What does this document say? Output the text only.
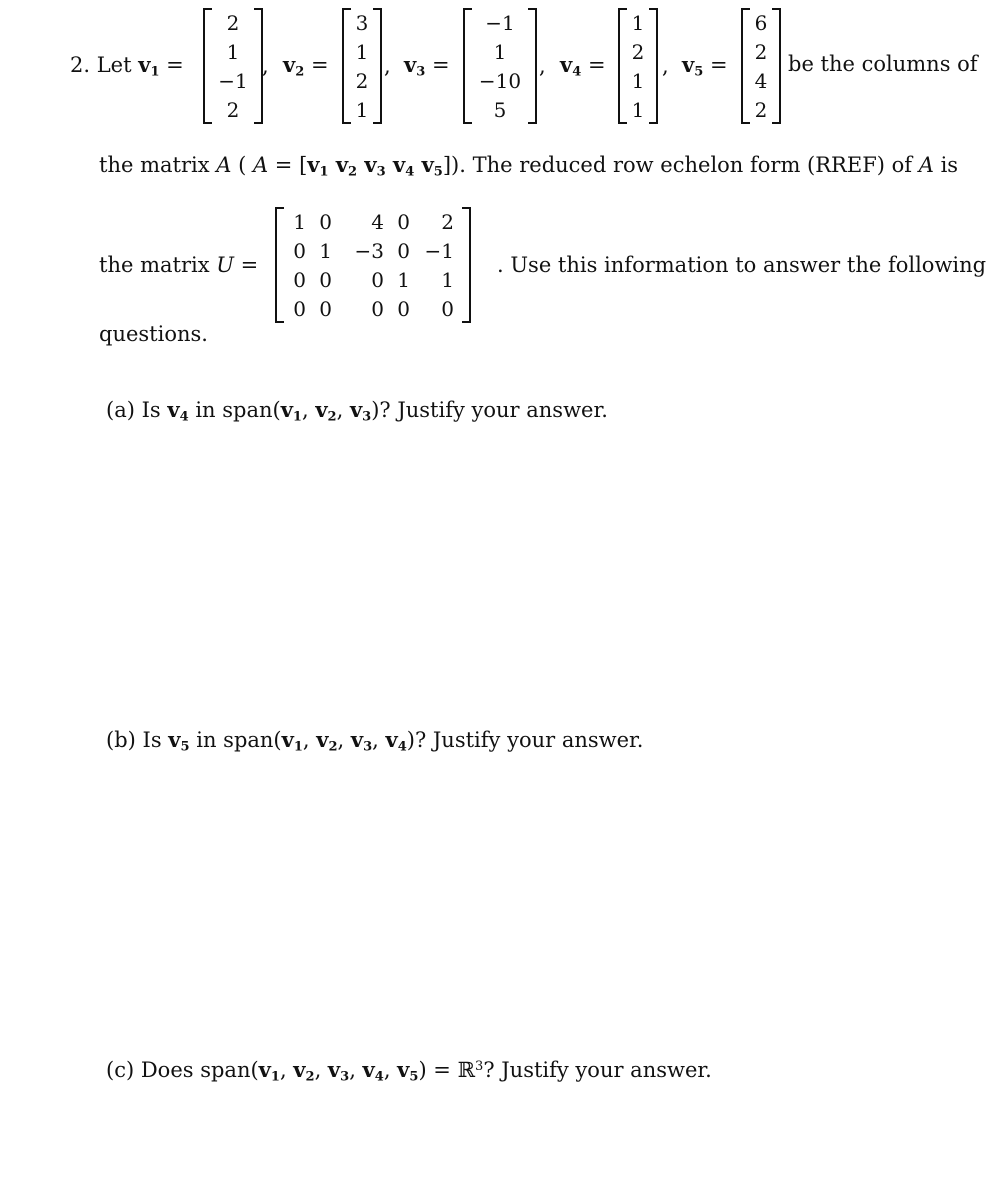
2. Let $v_1$ =
2
1
−1
2
, $v_2$ =
3
1
2
1
, $v_3$ =
−1
1
−10
5
, $v_4$ =
1
2
1
1
, $v_5$ =
6
2
4
2
be the columns of
the matrix A ( $A = [v_1$ $v_2$ $v_3$ $v_4$ $v_5$]). The reduced row echelon form (RREF) of A is
the matrix U =
1
0
0
0
0
1
0
0
4
−3
0
0
0
0
1
0
2
−1
1
0
. Use this information to answer the following
questions.
(a) Is $v_4$ in $span(v_1$, $v_2$, $v_3$)? Justify your answer.
(b) Is $v_5$ in $span(v_1$, $v_2$, $v_3$, $v_4$)? Justify your answer.
(c) Does $span(v_1$, $v_2$, $v_3$, $v_4$, $v_5$) = ℝ$^3$? Justify your answer.
